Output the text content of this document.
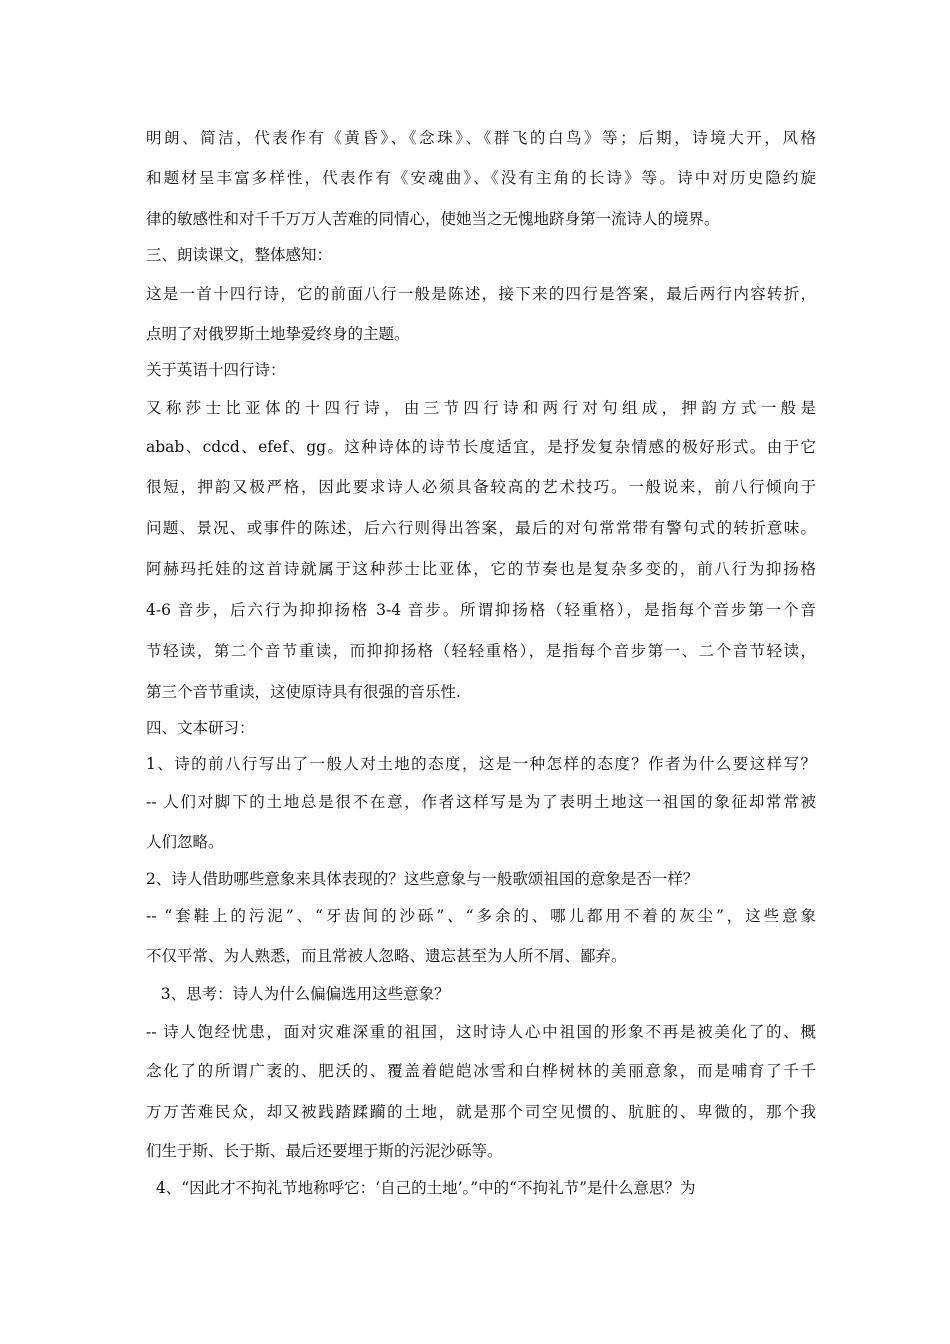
明朗、简洁，代表作有《黄昏》、《念珠》、《群飞的白鸟》等；后期，诗境大开，风格
和题材呈丰富多样性，代表作有《安魂曲》、《没有主角的长诗》等。诗中对历史隐约旋
律的敏感性和对千千万万人苦难的同情心，使她当之无愧地跻身第一流诗人的境界。
三、朗读课文，整体感知：
这是一首十四行诗，它的前面八行一般是陈述，接下来的四行是答案，最后两行内容转折，
点明了对俄罗斯土地挚爱终身的主题。
关于英语十四行诗：
又称莎士比亚体的十四行诗，由三节四行诗和两行对句组成，押韵方式一般是
abab、cdcd、efef、gg。这种诗体的诗节长度适宜，是抒发复杂情感的极好形式。由于它
很短，押韵又极严格，因此要求诗人必须具备较高的艺术技巧。一般说来，前八行倾向于
问题、景况、或事件的陈述，后六行则得出答案，最后的对句常常带有警句式的转折意味。
阿赫玛托娃的这首诗就属于这种莎士比亚体，它的节奏也是复杂多变的，前八行为抑扬格
4-6 音步，后六行为抑抑扬格 3-4 音步。所谓抑扬格（轻重格），是指每个音步第一个音
节轻读，第二个音节重读，而抑抑扬格（轻轻重格），是指每个音步第一、二个音节轻读，
第三个音节重读，这使原诗具有很强的音乐性.
四、文本研习：
1、诗的前八行写出了一般人对土地的态度，这是一种怎样的态度？作者为什么要这样写？
-- 人们对脚下的土地总是很不在意，作者这样写是为了表明土地这一祖国的象征却常常被
人们忽略。
2、诗人借助哪些意象来具体表现的？这些意象与一般歌颂祖国的意象是否一样？
-- “套鞋上的污泥”、“牙齿间的沙砾”、“多余的、哪儿都用不着的灰尘”，这些意象
不仅平常、为人熟悉，而且常被人忽略、遗忘甚至为人所不屑、鄙弃。
3、思考：诗人为什么偏偏选用这些意象？
-- 诗人饱经忧患，面对灾难深重的祖国，这时诗人心中祖国的形象不再是被美化了的、概
念化了的所谓广袤的、肥沃的、覆盖着皑皑冰雪和白桦树林的美丽意象，而是哺育了千千
万万苦难民众，却又被践踏蹂躏的土地，就是那个司空见惯的、肮脏的、卑微的，那个我
们生于斯、长于斯、最后还要埋于斯的污泥沙砾等。
4、“因此才不拘礼节地称呼它：‘自己的土地’。”中的“不拘礼节”是什么意思？为
